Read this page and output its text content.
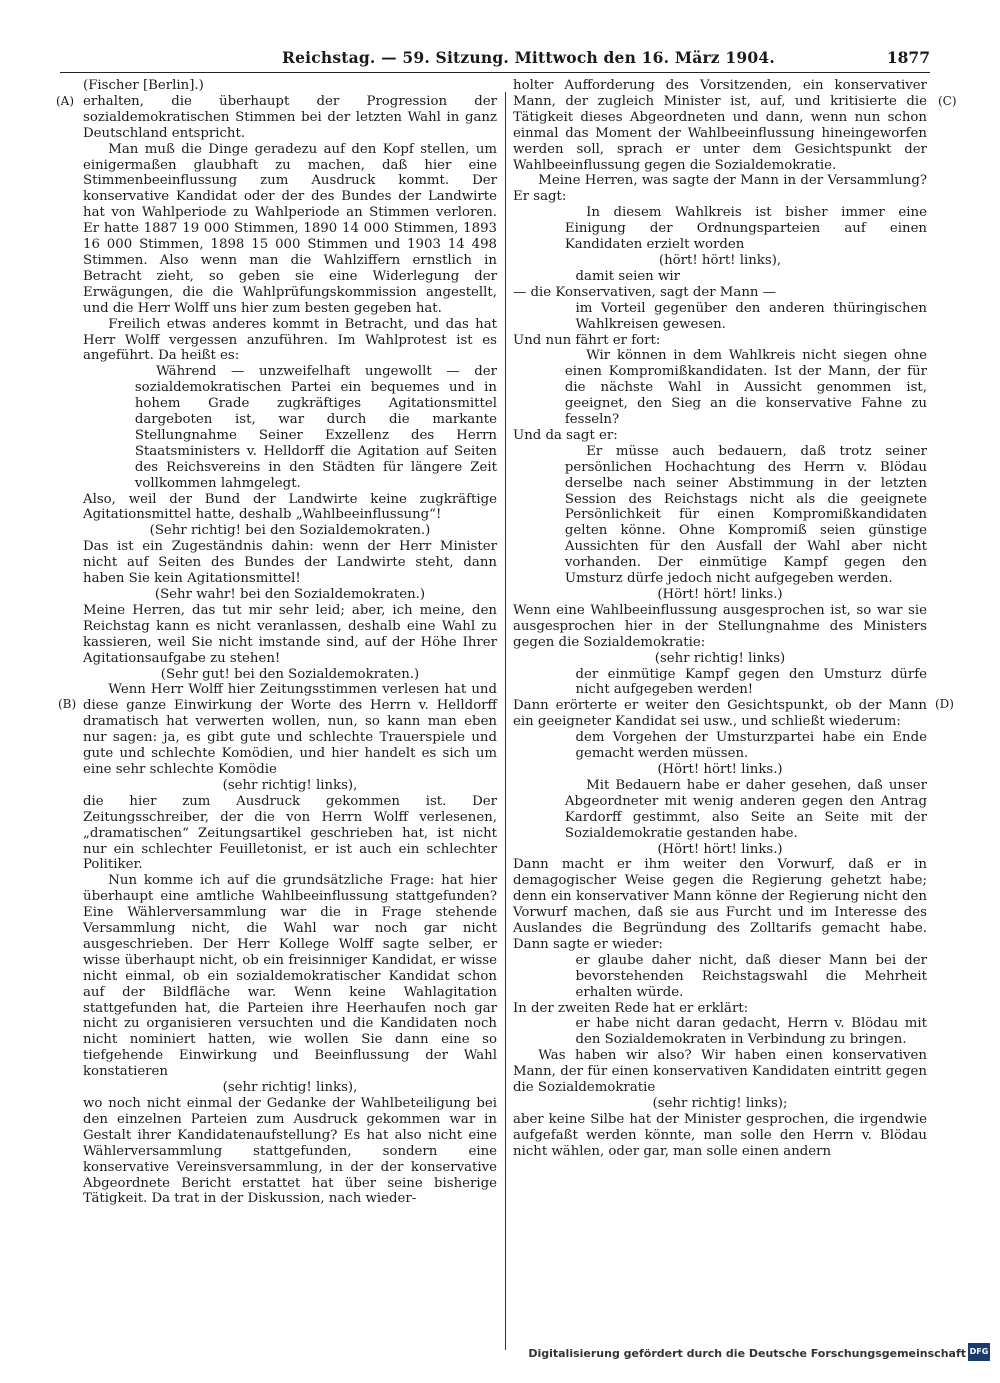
Reichstag. — 59. Sitzung. Mittwoch den 16. März 1904.	1877
(A)
(B)
(C)
(D)

(Fischer [Berlin].)

erhalten, die überhaupt der Progression der sozialdemokratischen Stimmen bei der letzten Wahl in ganz Deutschland entspricht.

Man muß die Dinge geradezu auf den Kopf stellen, um einigermaßen glaubhaft zu machen, daß hier eine Stimmenbeeinflussung zum Ausdruck kommt. Der konservative Kandidat oder der des Bundes der Landwirte hat von Wahlperiode zu Wahlperiode an Stimmen verloren. Er hatte 1887 19 000 Stimmen, 1890 14 000 Stimmen, 1893 16 000 Stimmen, 1898 15 000 Stimmen und 1903 14 498 Stimmen. Also wenn man die Wahlziffern ernstlich in Betracht zieht, so geben sie eine Widerlegung der Erwägungen, die die Wahlprüfungskommission angestellt, und die Herr Wolff uns hier zum besten gegeben hat.

Freilich etwas anderes kommt in Betracht, und das hat Herr Wolff vergessen anzuführen. Im Wahlprotest ist es angeführt. Da heißt es:

Während — unzweifelhaft ungewollt — der sozialdemokratischen Partei ein bequemes und in hohem Grade zugkräftiges Agitationsmittel dargeboten ist, war durch die markante Stellungnahme Seiner Exzellenz des Herrn Staatsministers v. Helldorff die Agitation auf Seiten des Reichsvereins in den Städten für längere Zeit vollkommen lahmgelegt.

Also, weil der Bund der Landwirte keine zugkräftige Agitationsmittel hatte, deshalb „Wahlbeeinflussung“!

(Sehr richtig! bei den Sozialdemokraten.)

Das ist ein Zugeständnis dahin: wenn der Herr Minister nicht auf Seiten des Bundes der Landwirte steht, dann haben Sie kein Agitationsmittel!

(Sehr wahr! bei den Sozialdemokraten.)

Meine Herren, das tut mir sehr leid; aber, ich meine, den Reichstag kann es nicht veranlassen, deshalb eine Wahl zu kassieren, weil Sie nicht imstande sind, auf der Höhe Ihrer Agitationsaufgabe zu stehen!

(Sehr gut! bei den Sozialdemokraten.)

Wenn Herr Wolff hier Zeitungsstimmen verlesen hat und diese ganze Einwirkung der Worte des Herrn v. Helldorff dramatisch hat verwerten wollen, nun, so kann man eben nur sagen: ja, es gibt gute und schlechte Trauerspiele und gute und schlechte Komödien, und hier handelt es sich um eine sehr schlechte Komödie

(sehr richtig! links),

die hier zum Ausdruck gekommen ist. Der Zeitungsschreiber, der die von Herrn Wolff verlesenen, „dramatischen“ Zeitungsartikel geschrieben hat, ist nicht nur ein schlechter Feuilletonist, er ist auch ein schlechter Politiker.

Nun komme ich auf die grundsätzliche Frage: hat hier überhaupt eine amtliche Wahlbeeinflussung stattgefunden? Eine Wählerversammlung war die in Frage stehende Versammlung nicht, die Wahl war noch gar nicht ausgeschrieben. Der Herr Kollege Wolff sagte selber, er wisse überhaupt nicht, ob ein freisinniger Kandidat, er wisse nicht einmal, ob ein sozialdemokratischer Kandidat schon auf der Bildfläche war. Wenn keine Wahlagitation stattgefunden hat, die Parteien ihre Heerhaufen noch gar nicht zu organisieren versuchten und die Kandidaten noch nicht nominiert hatten, wie wollen Sie dann eine so tiefgehende Einwirkung und Beeinflussung der Wahl konstatieren

(sehr richtig! links),

wo noch nicht einmal der Gedanke der Wahlbeteiligung bei den einzelnen Parteien zum Ausdruck gekommen war in Gestalt ihrer Kandidatenaufstellung? Es hat also nicht eine Wählerversammlung stattgefunden, sondern eine konservative Vereinsversammlung, in der der konservative Abgeordnete Bericht erstattet hat über seine bisherige Tätigkeit. Da trat in der Diskussion, nach wieder-

holter Aufforderung des Vorsitzenden, ein konservativer Mann, der zugleich Minister ist, auf, und kritisierte die Tätigkeit dieses Abgeordneten und dann, wenn nun schon einmal das Moment der Wahlbeeinflussung hineingeworfen werden soll, sprach er unter dem Gesichtspunkt der Wahlbeeinflussung gegen die Sozialdemokratie.

Meine Herren, was sagte der Mann in der Versammlung? Er sagt:

In diesem Wahlkreis ist bisher immer eine Einigung der Ordnungsparteien auf einen Kandidaten erzielt worden

(hört! hört! links),

damit seien wir

— die Konservativen, sagt der Mann —

im Vorteil gegenüber den anderen thüringischen Wahlkreisen gewesen.

Und nun fährt er fort:

Wir können in dem Wahlkreis nicht siegen ohne einen Kompromißkandidaten. Ist der Mann, der für die nächste Wahl in Aussicht genommen ist, geeignet, den Sieg an die konservative Fahne zu fesseln?

Und da sagt er:

Er müsse auch bedauern, daß trotz seiner persönlichen Hochachtung des Herrn v. Blödau derselbe nach seiner Abstimmung in der letzten Session des Reichstags nicht als die geeignete Persönlichkeit für einen Kompromißkandidaten gelten könne. Ohne Kompromiß seien günstige Aussichten für den Ausfall der Wahl aber nicht vorhanden. Der einmütige Kampf gegen den Umsturz dürfe jedoch nicht aufgegeben werden.

(Hört! hört! links.)

Wenn eine Wahlbeeinflussung ausgesprochen ist, so war sie ausgesprochen hier in der Stellungnahme des Ministers gegen die Sozialdemokratie:

(sehr richtig! links)

der einmütige Kampf gegen den Umsturz dürfe nicht aufgegeben werden!

Dann erörterte er weiter den Gesichtspunkt, ob der Mann ein geeigneter Kandidat sei usw., und schließt wiederum:

dem Vorgehen der Umsturzpartei habe ein Ende gemacht werden müssen.

(Hört! hört! links.)

Mit Bedauern habe er daher gesehen, daß unser Abgeordneter mit wenig anderen gegen den Antrag Kardorff gestimmt, also Seite an Seite mit der Sozialdemokratie gestanden habe.

(Hört! hört! links.)

Dann macht er ihm weiter den Vorwurf, daß er in demagogischer Weise gegen die Regierung gehetzt habe; denn ein konservativer Mann könne der Regierung nicht den Vorwurf machen, daß sie aus Furcht und im Interesse des Auslandes die Begründung des Zolltarifs gemacht habe. Dann sagte er wieder:

er glaube daher nicht, daß dieser Mann bei der bevorstehenden Reichstagswahl die Mehrheit erhalten würde.

In der zweiten Rede hat er erklärt:

er habe nicht daran gedacht, Herrn v. Blödau mit den Sozialdemokraten in Verbindung zu bringen.

Was haben wir also? Wir haben einen konservativen Mann, der für einen konservativen Kandidaten eintritt gegen die Sozialdemokratie

(sehr richtig! links);

aber keine Silbe hat der Minister gesprochen, die irgendwie aufgefaßt werden könnte, man solle den Herrn v. Blödau nicht wählen, oder gar, man solle einen andern

Digitalisierung gefördert durch die Deutsche Forschungsgemeinschaft DFG
